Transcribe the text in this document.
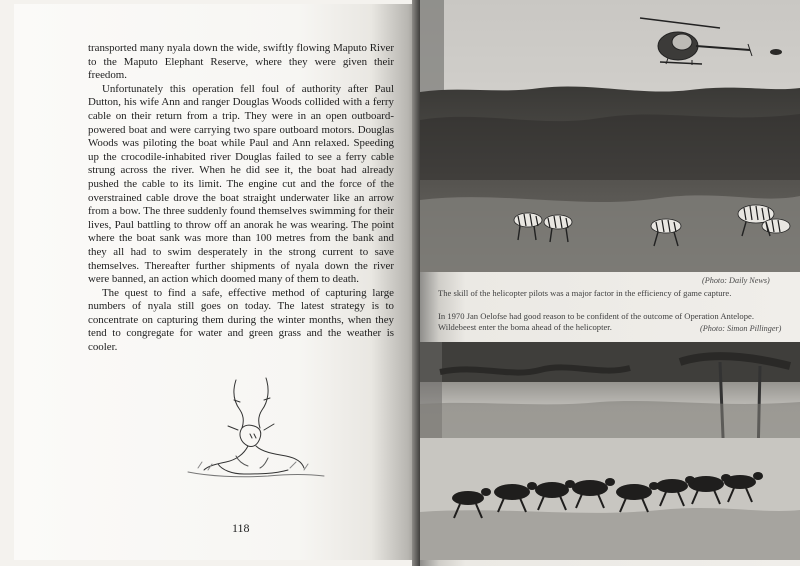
transported many nyala down the wide, swiftly flowing Maputo River to the Maputo Elephant Reserve, where they were given their freedom.

Unfortunately this operation fell foul of authority after Paul Dutton, his wife Ann and ranger Douglas Woods collided with a ferry cable on their return from a trip. They were in an open outboard-powered boat and were carrying two spare outboard motors. Douglas Woods was piloting the boat while Paul and Ann relaxed. Speeding up the crocodile-inhabited river Douglas failed to see a ferry cable strung across the river. When he did see it, the boat had already pushed the cable to its limit. The engine cut and the force of the overstrained cable drove the boat straight underwater like an arrow from a bow. The three suddenly found themselves swimming for their lives, Paul battling to throw off an anorak he was wearing. The point where the boat sank was more than 100 metres from the bank and they all had to swim desperately in the strong current to save themselves. Thereafter further shipments of nyala down the river were banned, an action which doomed many of them to death.

The quest to find a safe, effective method of capturing large numbers of nyala still goes on today. The latest strategy is to concentrate on capturing them during the winter months, when they tend to congregate for water and green grass and the weather is cooler.

118
(Photo: Daily News)
The skill of the helicopter pilots was a major factor in the efficiency of game capture.
In 1970 Jan Oelofse had good reason to be confident of the outcome of Operation Antelope. Wildebeest enter the boma ahead of the helicopter.	(Photo: Simon Pillinger)
